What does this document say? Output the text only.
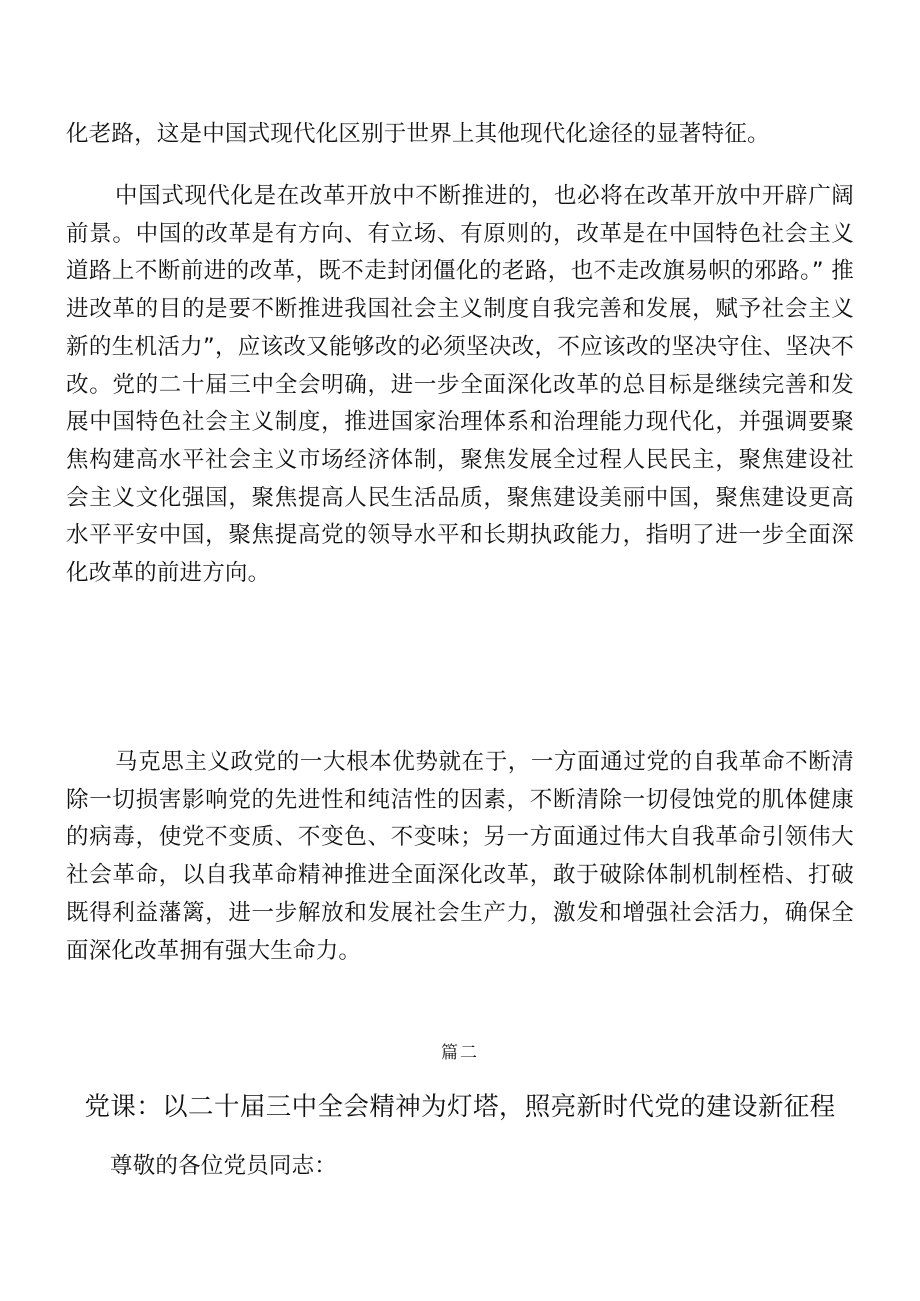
化老路，这是中国式现代化区别于世界上其他现代化途径的显著特征。

中国式现代化是在改革开放中不断推进的，也必将在改革开放中开辟广阔前景。中国的改革是有方向、有立场、有原则的，改革是在中国特色社会主义道路上不断前进的改革，既不走封闭僵化的老路，也不走改旗易帜的邪路。” 推进改革的目的是要不断推进我国社会主义制度自我完善和发展，赋予社会主义新的生机活力”，应该改又能够改的必须坚决改，不应该改的坚决守住、坚决不改。党的二十届三中全会明确，进一步全面深化改革的总目标是继续完善和发展中国特色社会主义制度，推进国家治理体系和治理能力现代化，并强调要聚焦构建高水平社会主义市场经济体制，聚焦发展全过程人民民主，聚焦建设社会主义文化强国，聚焦提高人民生活品质，聚焦建设美丽中国，聚焦建设更高水平平安中国，聚焦提高党的领导水平和长期执政能力，指明了进一步全面深化改革的前进方向。

马克思主义政党的一大根本优势就在于，一方面通过党的自我革命不断清除一切损害影响党的先进性和纯洁性的因素，不断清除一切侵蚀党的肌体健康的病毒，使党不变质、不变色、不变味；另一方面通过伟大自我革命引领伟大社会革命，以自我革命精神推进全面深化改革，敢于破除体制机制桎梏、打破既得利益藩篱，进一步解放和发展社会生产力，激发和增强社会活力，确保全面深化改革拥有强大生命力。

篇二

党课：以二十届三中全会精神为灯塔，照亮新时代党的建设新征程

尊敬的各位党员同志：
